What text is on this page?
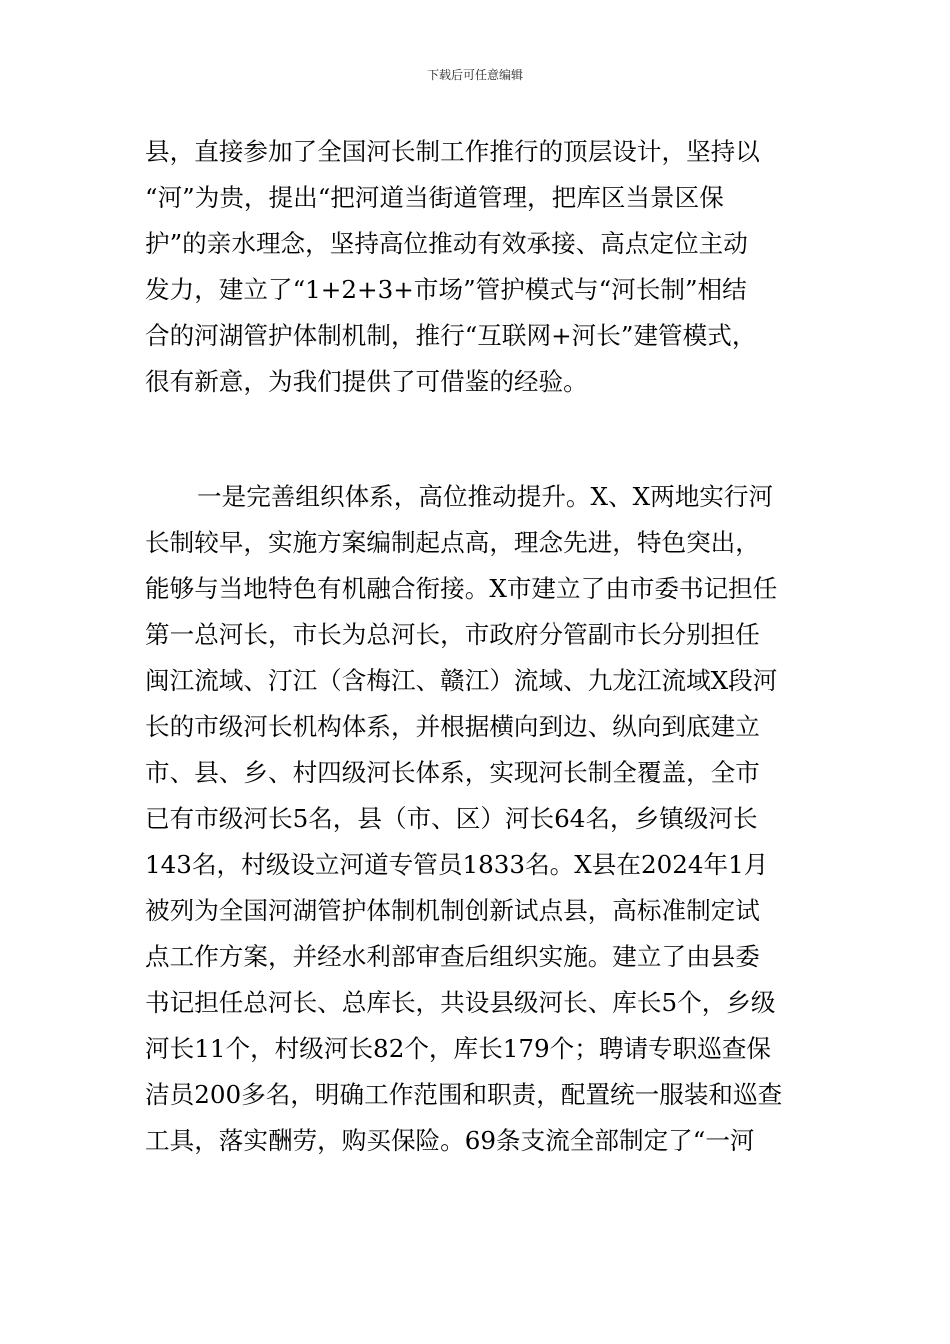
下载后可任意编辑
县，直接参加了全国河长制工作推行的顶层设计，坚持以
“河”为贵，提出“把河道当街道管理，把库区当景区保
护”的亲水理念，坚持高位推动有效承接、高点定位主动
发力，建立了“1+2+3+市场”管护模式与“河长制”相结
合的河湖管护体制机制，推行“互联网+河长”建管模式，
很有新意，为我们提供了可借鉴的经验。
一是完善组织体系，高位推动提升。X、X两地实行河
长制较早，实施方案编制起点高，理念先进，特色突出，
能够与当地特色有机融合衔接。X市建立了由市委书记担任
第一总河长，市长为总河长，市政府分管副市长分别担任
闽江流域、汀江（含梅江、赣江）流域、九龙江流域X段河
长的市级河长机构体系，并根据横向到边、纵向到底建立
市、县、乡、村四级河长体系，实现河长制全覆盖，全市
已有市级河长5名，县（市、区）河长64名，乡镇级河长
143名，村级设立河道专管员1833名。X县在2024年1月
被列为全国河湖管护体制机制创新试点县，高标准制定试
点工作方案，并经水利部审查后组织实施。建立了由县委
书记担任总河长、总库长，共设县级河长、库长5个，乡级
河长11个，村级河长82个，库长179个；聘请专职巡查保
洁员200多名，明确工作范围和职责，配置统一服装和巡查
工具，落实酬劳，购买保险。69条支流全部制定了“一河
